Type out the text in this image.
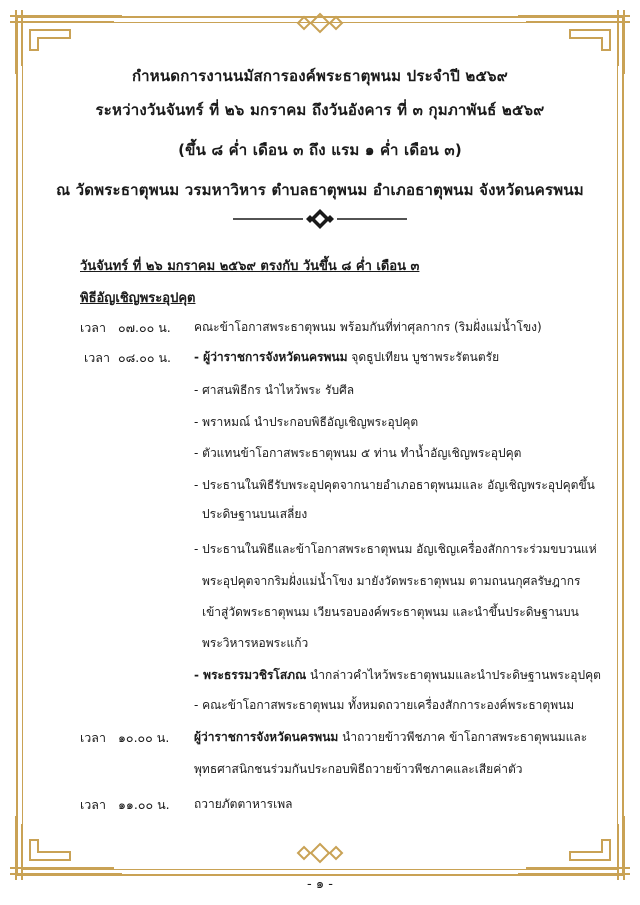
กำหนดการงานนมัสการองค์พระธาตุพนม ประจำปี ๒๕๖๙
ระหว่างวันจันทร์ ที่ ๒๖ มกราคม ถึงวันอังคาร ที่ ๓ กุมภาพันธ์ ๒๕๖๙
(ขึ้น ๘ ค่ำ เดือน ๓ ถึง แรม ๑ ค่ำ เดือน ๓)
ณ วัดพระธาตุพนม วรมหาวิหาร ตำบลธาตุพนม อำเภอธาตุพนม จังหวัดนครพนม
วันจันทร์ ที่ ๒๖ มกราคม ๒๕๖๙ ตรงกับ วันขึ้น ๘ ค่ำ เดือน ๓
พิธีอัญเชิญพระอุปคุต
เวลา ๐๗.๐๐ น.
เวลา ๐๘.๐๐ น.
เวลา ๑๐.๐๐ น.
เวลา ๑๑.๐๐ น.
คณะข้าโอกาสพระธาตุพนม พร้อมกันที่ท่าศุลกากร (ริมฝั่งแม่น้ำโขง)
- ผู้ว่าราชการจังหวัดนครพนม จุดธูปเทียน บูชาพระรัตนตรัย
- ศาสนพิธีกร นำไหว้พระ รับศีล
- พราหมณ์ นำประกอบพิธีอัญเชิญพระอุปคุต
- ตัวแทนข้าโอกาสพระธาตุพนม ๕ ท่าน ทำน้ำอัญเชิญพระอุปคุต
- ประธานในพิธีรับพระอุปคุตจากนายอำเภอธาตุพนมและ อัญเชิญพระอุปคุตขึ้น
ประดิษฐานบนเสลี่ยง
- ประธานในพิธีและข้าโอกาสพระธาตุพนม อัญเชิญเครื่องสักการะร่วมขบวนแห่
พระอุปคุตจากริมฝั่งแม่น้ำโขง มายังวัดพระธาตุพนม ตามถนนกุศลรัษฎากร
เข้าสู่วัดพระธาตุพนม เวียนรอบองค์พระธาตุพนม และนำขึ้นประดิษฐานบน
พระวิหารหอพระแก้ว
- พระธรรมวชิรโสภณ นำกล่าวคำไหว้พระธาตุพนมและนำประดิษฐานพระอุปคุต
- คณะข้าโอกาสพระธาตุพนม ทั้งหมดถวายเครื่องสักการะองค์พระธาตุพนม
ผู้ว่าราชการจังหวัดนครพนม นำถวายข้าวพีชภาค ข้าโอกาสพระธาตุพนมและ
พุทธศาสนิกชนร่วมกันประกอบพิธีถวายข้าวพีชภาคและเสียค่าตัว
ถวายภัตตาหารเพล
- ๑ -
